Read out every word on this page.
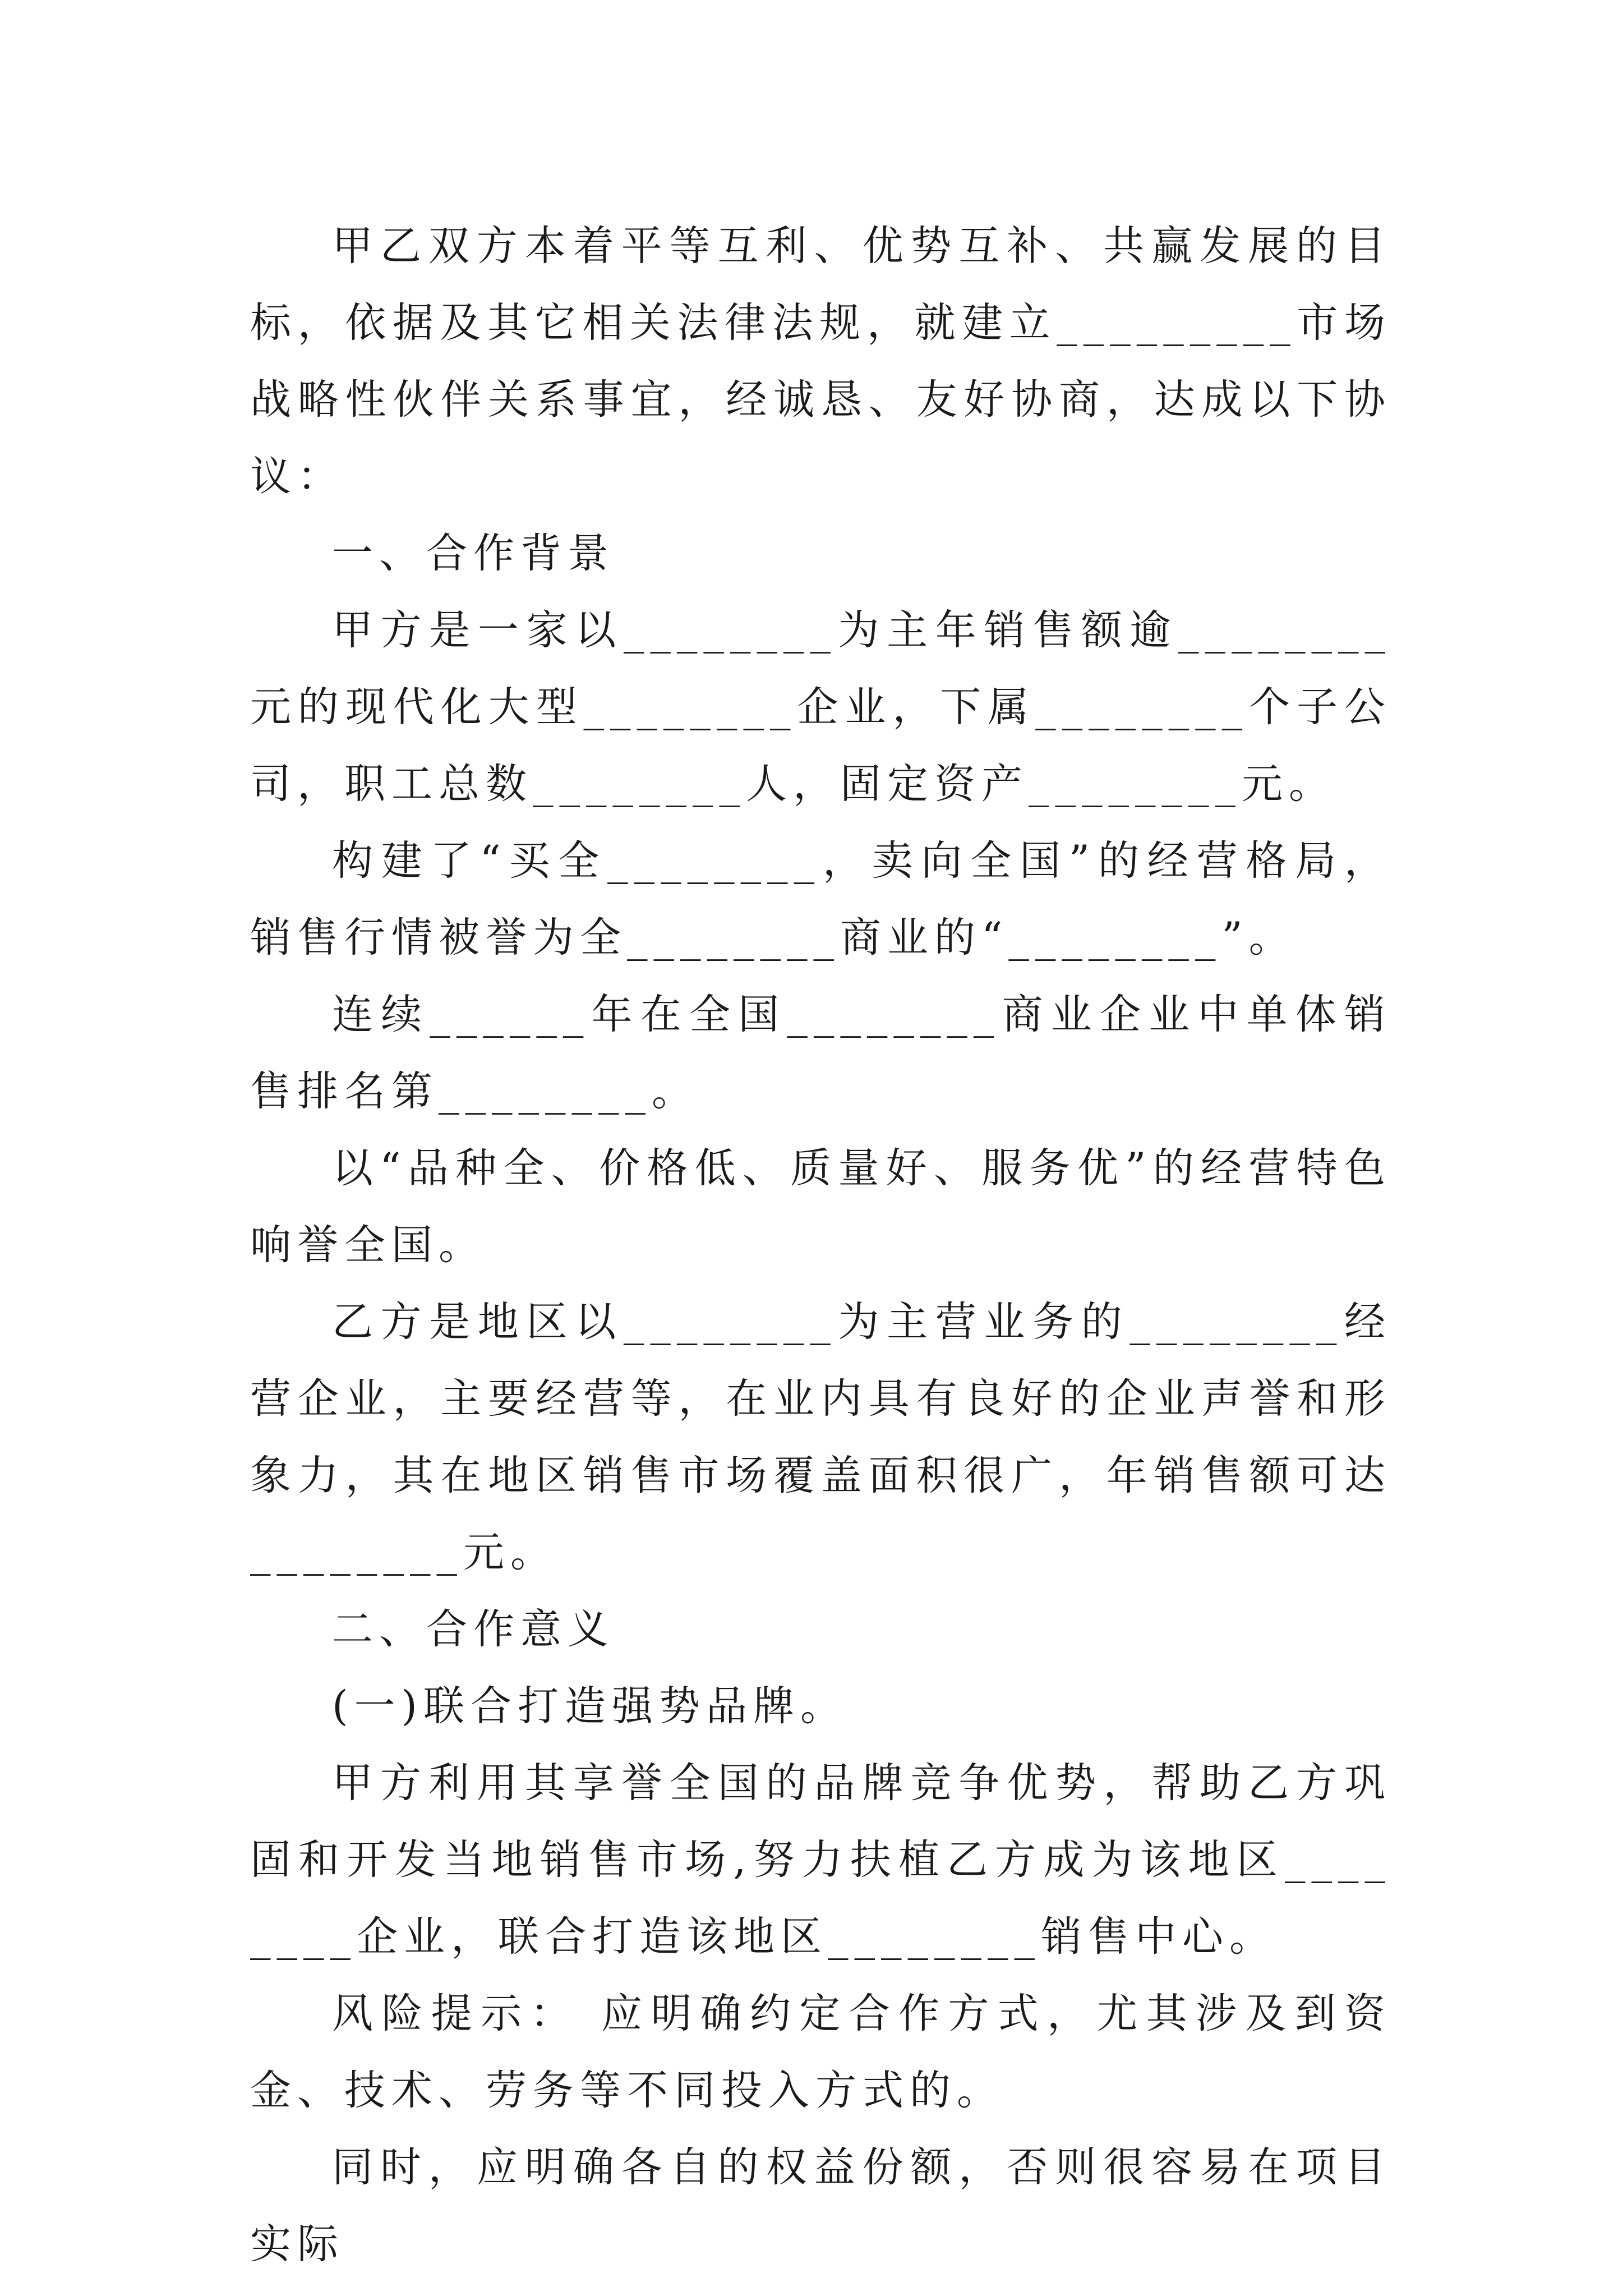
甲乙双方本着平等互利、优势互补、共赢发展的目标，依据及其它相关法律法规，就建立_________市场战略性伙伴关系事宜，经诚恳、友好协商，达成以下协议：

一、合作背景

甲方是一家以________为主年销售额逾________元的现代化大型________企业，下属________个子公司，职工总数________人，固定资产________元。

构建了“买全________，卖向全国”的经营格局，销售行情被誉为全________商业的“________”。

连续______年在全国________商业企业中单体销售排名第________。

以“品种全、价格低、质量好、服务优”的经营特色响誉全国。

乙方是地区以________为主营业务的________经营企业，主要经营等，在业内具有良好的企业声誉和形象力，其在地区销售市场覆盖面积很广，年销售额可达________元。

二、合作意义

(一)联合打造强势品牌。

甲方利用其享誉全国的品牌竞争优势，帮助乙方巩固和开发当地销售市场,努力扶植乙方成为该地区________企业，联合打造该地区________销售中心。

风险提示： 应明确约定合作方式，尤其涉及到资金、技术、劳务等不同投入方式的。

同时，应明确各自的权益份额，否则很容易在项目实际
